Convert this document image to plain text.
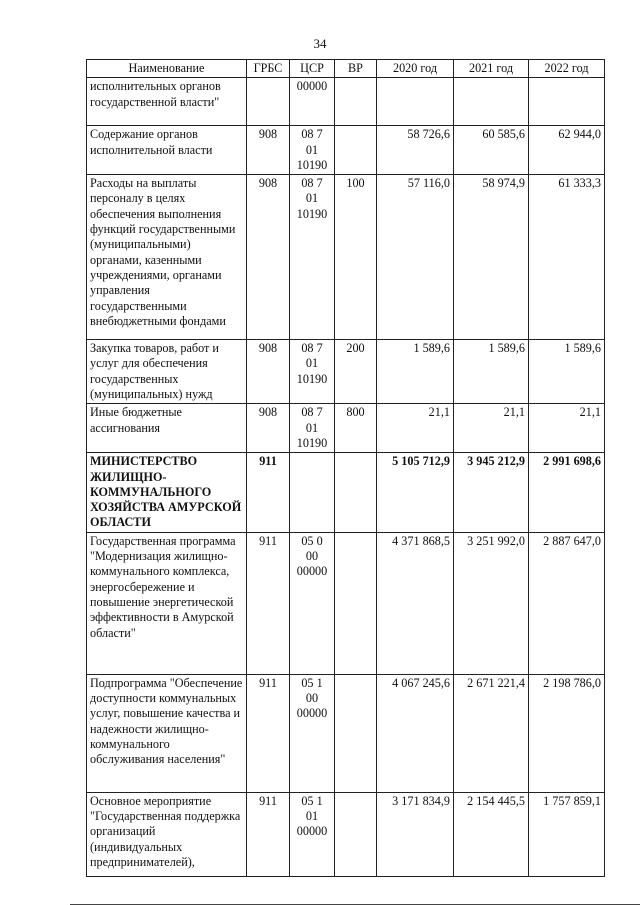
34
Наименование	ГРБС	ЦСР	ВР	2020 год	2021 год	2022 год
исполнительных органов государственной власти"		00000				

Содержание органов исполнительной власти	908	08 7
01
10190		58 726,6	60 585,6	62 944,0
Расходы на выплаты персоналу в целях обеспечения выполнения функций государственными (муниципальными) органами, казенными учреждениями, органами управления государственными внебюджетными фондами	908	08 7
01
10190	100	57 116,0	58 974,9	61 333,3
Закупка товаров, работ и услуг для обеспечения государственных (муниципальных) нужд	908	08 7
01
10190	200	1 589,6	1 589,6	1 589,6
Иные бюджетные ассигнования	908	08 7
01
10190	800	21,1	21,1	21,1
МИНИСТЕРСТВО ЖИЛИЩНО-КОММУНАЛЬНОГО ХОЗЯЙСТВА АМУРСКОЙ ОБЛАСТИ	911			5 105 712,9	3 945 212,9	2 991 698,6
Государственная программа "Модернизация жилищно-коммунального комплекса, энергосбережение и повышение энергетической эффективности в Амурской области"	911	05 0
00
00000		4 371 868,5	3 251 992,0	2 887 647,0
Подпрограмма "Обеспечение доступности коммунальных услуг, повышение качества и надежности жилищно-коммунального обслуживания населения"	911	05 1
00
00000		4 067 245,6	2 671 221,4	2 198 786,0
Основное мероприятие "Государственная поддержка организаций (индивидуальных предпринимателей),	911	05 1
01
00000		3 171 834,9	2 154 445,5	1 757 859,1
